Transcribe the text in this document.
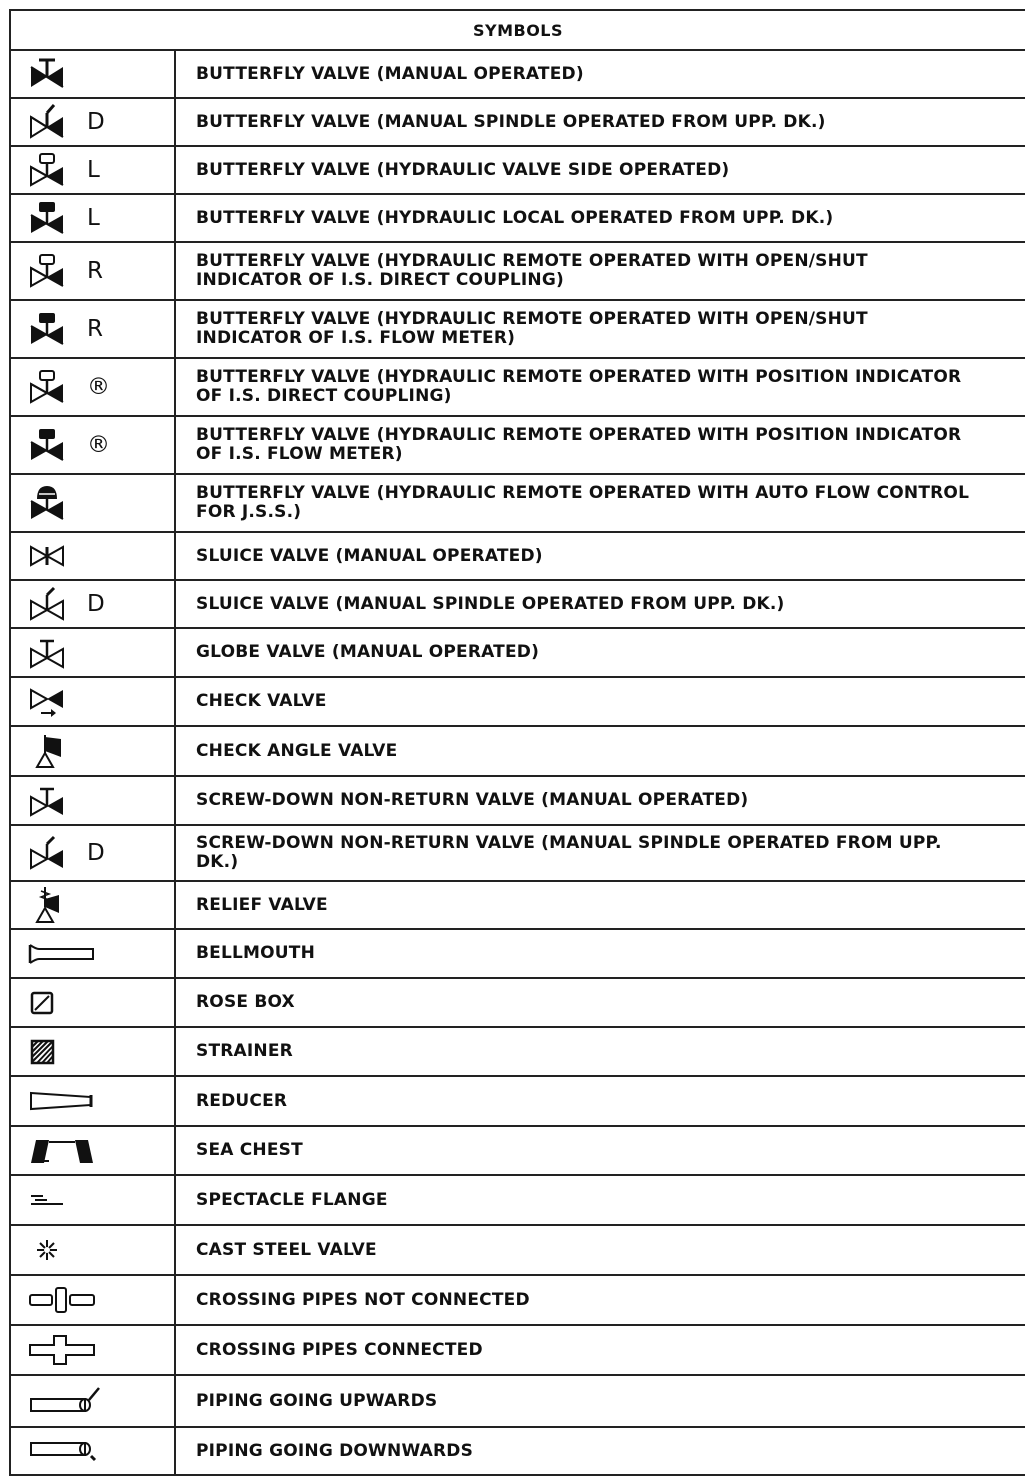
SYMBOLS
BUTTERFLY VALVE (MANUAL OPERATED)
D	BUTTERFLY VALVE (MANUAL SPINDLE OPERATED FROM UPP. DK.)
L	BUTTERFLY VALVE (HYDRAULIC VALVE SIDE OPERATED)
L	BUTTERFLY VALVE (HYDRAULIC LOCAL OPERATED FROM UPP. DK.)
R	BUTTERFLY VALVE (HYDRAULIC REMOTE OPERATED WITH OPEN/SHUT INDICATOR OF I.S. DIRECT COUPLING)
R	BUTTERFLY VALVE (HYDRAULIC REMOTE OPERATED WITH OPEN/SHUT INDICATOR OF I.S. FLOW METER)
®	BUTTERFLY VALVE (HYDRAULIC REMOTE OPERATED WITH POSITION INDICATOR OF I.S. DIRECT COUPLING)
®	BUTTERFLY VALVE (HYDRAULIC REMOTE OPERATED WITH POSITION INDICATOR OF I.S. FLOW METER)
BUTTERFLY VALVE (HYDRAULIC REMOTE OPERATED WITH AUTO FLOW CONTROL FOR J.S.S.)
SLUICE VALVE (MANUAL OPERATED)
D	SLUICE VALVE (MANUAL SPINDLE OPERATED FROM UPP. DK.)
GLOBE VALVE (MANUAL OPERATED)
CHECK VALVE
CHECK ANGLE VALVE
SCREW-DOWN NON-RETURN VALVE (MANUAL OPERATED)
D	SCREW-DOWN NON-RETURN VALVE (MANUAL SPINDLE OPERATED FROM UPP. DK.)
RELIEF VALVE
BELLMOUTH
ROSE BOX
STRAINER
REDUCER
SEA CHEST
SPECTACLE FLANGE
CAST STEEL VALVE
CROSSING PIPES NOT CONNECTED
CROSSING PIPES CONNECTED
PIPING GOING UPWARDS
PIPING GOING DOWNWARDS
